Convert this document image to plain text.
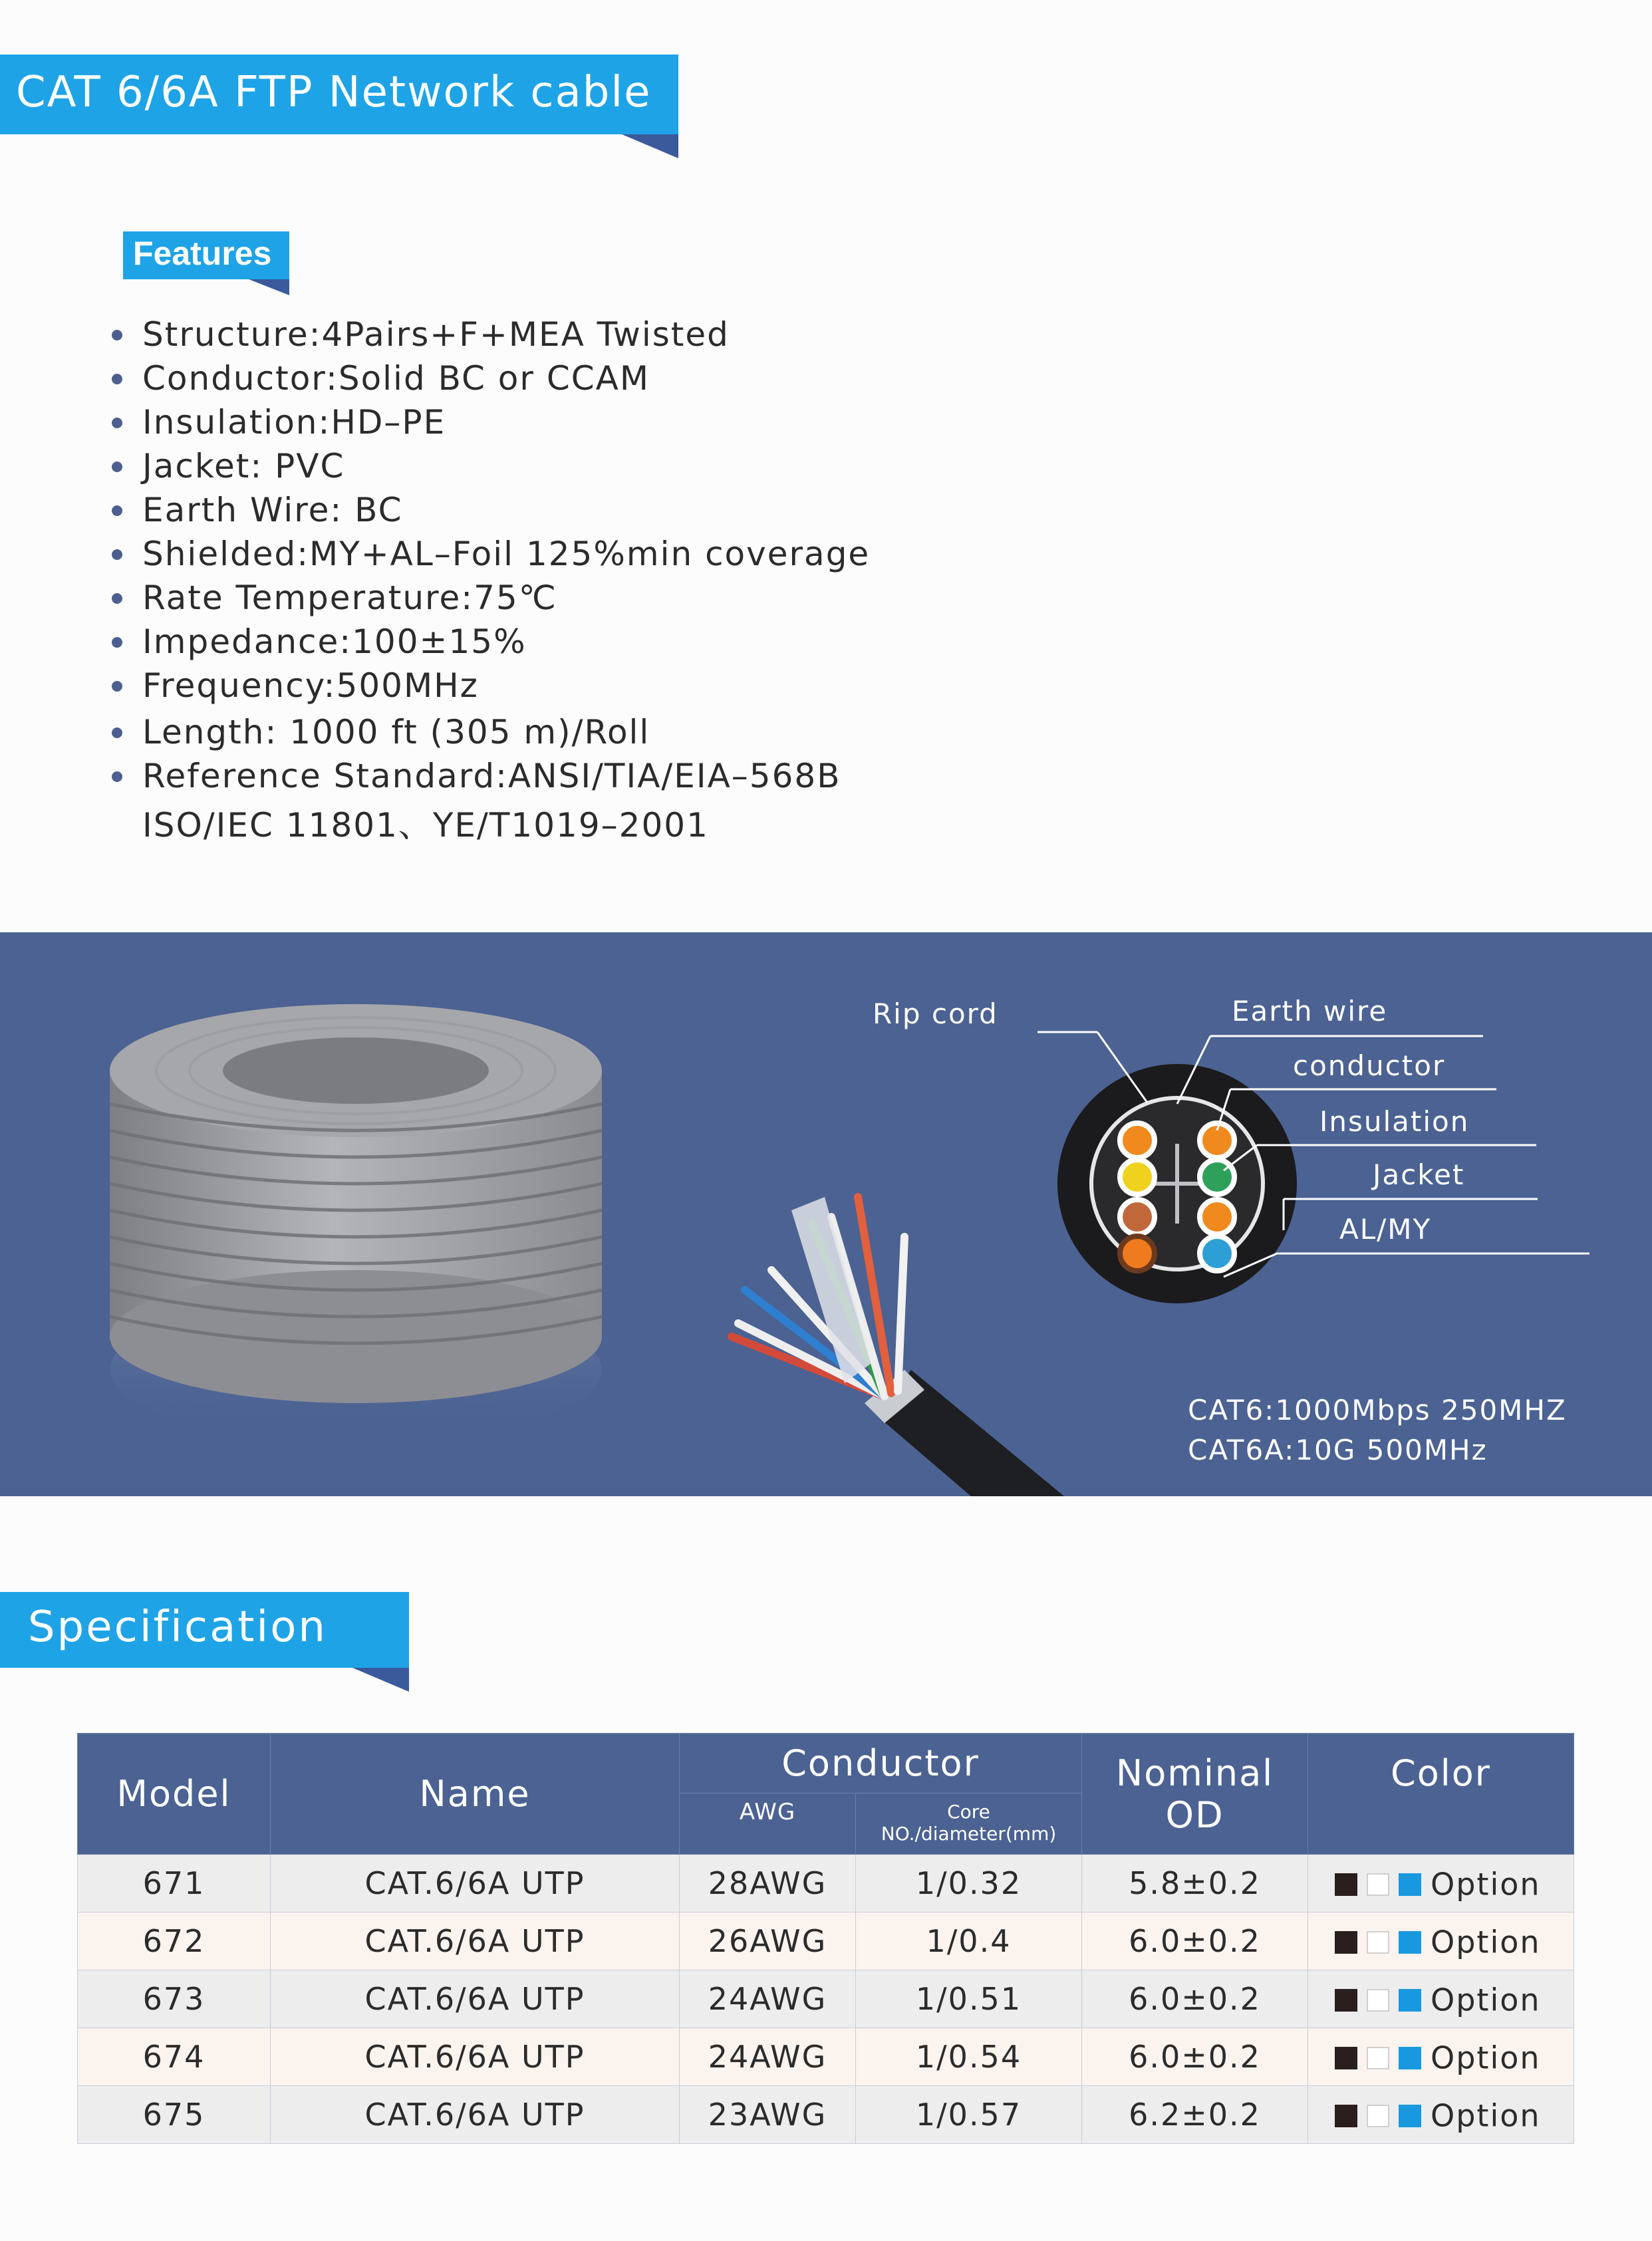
CAT 6/6A FTP Network cable
Features
Structure:4Pairs+F+MEA Twisted
Conductor:Solid BC or CCAM
Insulation:HD–PE
Jacket: PVC
Earth Wire: BC
Shielded:MY+AL–Foil 125%min coverage
Rate Temperature:75℃
Impedance:100±15%
Frequency:500MHz
Length: 1000 ft (305 m)/Roll
Reference Standard:ANSI/TIA/EIA–568B
ISO/IEC 11801、YE/T1019–2001
Rip cord	Earth wire
conductor
Insulation
Jacket
AL/MY
CAT6:1000Mbps 250MHZ
CAT6A:10G 500MHz
Specification
Model	Name	Conductor		Nominal OD	Color
		AWG	Core NO./diameter(mm)		
671	CAT.6/6A UTP	28AWG	1/0.32	5.8±0.2	Option
672	CAT.6/6A UTP	26AWG	1/0.4	6.0±0.2	Option
673	CAT.6/6A UTP	24AWG	1/0.51	6.0±0.2	Option
674	CAT.6/6A UTP	24AWG	1/0.54	6.0±0.2	Option
675	CAT.6/6A UTP	23AWG	1/0.57	6.2±0.2	Option
